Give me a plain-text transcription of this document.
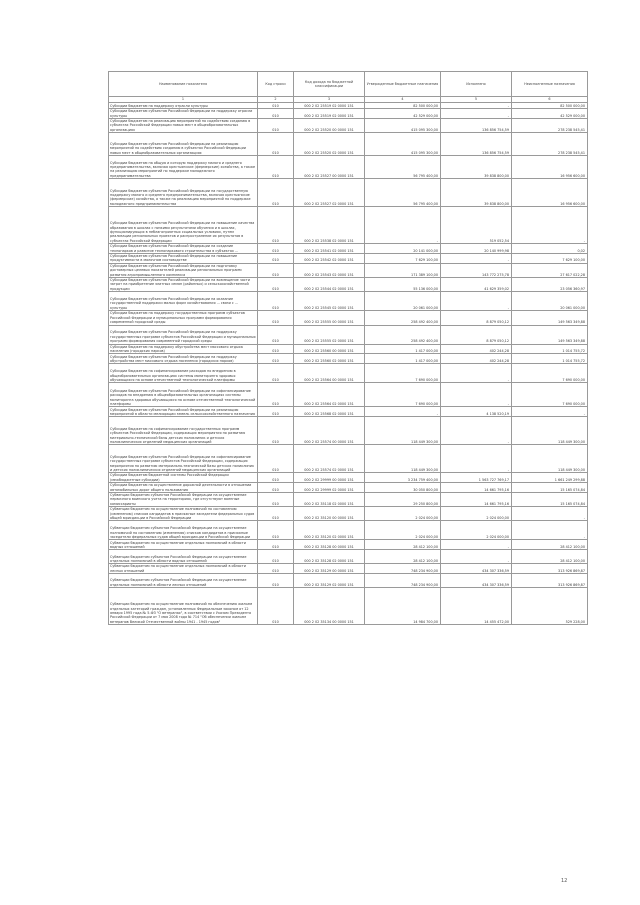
Наименование показателя	Код строки	Код дохода по бюджетной классификации	Утвержденные бюджетные назначения	Исполнено	Неисполненные назначения
1	2	3	4	5	6
Субсидии бюджетам на поддержку отрасли культуры	010	000 2 02 25519 02 0000 151	82 500 000,00	-	82 500 000,00
Субсидии бюджетам субъектов Российской Федерации на поддержку отрасли культуры	010	000 2 02 25519 02 0000 151	42 529 000,00	-	42 529 000,00
Субсидии бюджетам на реализацию мероприятий по содействию созданию в субъектах Российской Федерации новых мест в общеобразовательных организациях	010	000 2 02 25520 00 0000 151	415 095 300,00	136 856 754,59	278 238 545,41
Субсидии бюджетам субъектов Российской Федерации на реализацию мероприятий по содействию созданию в субъектах Российской Федерации новых мест в общеобразовательных организациях	010	000 2 02 25520 02 0000 151	415 095 300,00	136 856 754,59	278 238 545,41
Субсидии бюджетам на общую и которую поддержку малого и среднего предпринимательства, включая крестьянские (фермерские) хозяйства, а также на реализацию мероприятий по поддержке молодежного предпринимательства	010	000 2 02 25527 00 0000 151	56 795 400,00	39 838 800,00	16 956 600,00
Субсидии бюджетам субъектов Российской Федерации на государственную поддержку малого и среднего предпринимательства, включая крестьянские (фермерские) хозяйства, а также на реализацию мероприятий по поддержке молодежного предпринимательства	010	000 2 02 25527 02 0000 151	56 795 400,00	39 838 800,00	16 956 600,00
Субсидии бюджетам субъектов Российской Федерации на повышение качества образования в школах с низкими результатами обучения и в школах, функционирующих в неблагоприятных социальных условиях, путем реализации региональных проектов и распространение их результатов в субъектах Российской Федерации	010	000 2 02 25538 02 0000 151	-	519 052,54	-
Субсидии бюджетам субъектов Российской Федерации на создание технопарков и развитие технопаркового строительства в субъектах ...	010	000 2 02 25541 02 0000 151	20 141 000,00	20 140 999,98	0,02
Субсидии бюджетам субъектов Российской Федерации на повышение продуктивности в молочном скотоводстве	010	000 2 02 25542 02 0000 151	7 629 100,00	-	7 629 100,00
Субсидии бюджетам субъектов Российской Федерации на подготовку достоверных целевых показателей реализации региональных программ развития агропромышленного комплекса	010	000 2 02 25543 02 0000 151	171 389 100,00	143 772 275,78	27 617 022,28
Субсидии бюджетам субъектов Российской Федерации на возмещение части затрат на приобретение элитных семян (районных) и сельскохозяйственной продукции	010	000 2 02 25544 02 0000 151	55 136 000,00	41 629 359,02	23 056 360,97
Субсидии бюджетам субъектов Российской Федерации на оказание государственной поддержки малых форм хозяйствования ... связи с ... культуры	010	000 2 02 25545 02 0000 151	20 061 000,00	-	20 061 000,00
Субсидии бюджетам на поддержку государственных программ субъектов Российской Федерации и муниципальных программ формирования современной городской среды	010	000 2 02 25555 00 0000 151	258 492 400,00	8 879 050,12	149 563 349,88
Субсидии бюджетам субъектов Российской Федерации на поддержку государственных программ субъектов Российской Федерации и муниципальных программ формирования современной городской среды	010	000 2 02 25555 02 0000 151	258 492 400,00	8 879 050,12	149 563 349,88
Субсидии бюджетам на поддержку обустройства мест массового отдыха населения (городских парков)	010	000 2 02 25560 00 0000 151	1 417 000,00	402 244,28	1 014 755,72
Субсидии бюджетам субъектов Российской Федерации на поддержку обустройства мест массового отдыха населения (городских парков)	010	000 2 02 25560 02 0000 151	1 417 000,00	402 244,28	1 014 755,72
Субсидии бюджетам на софинансирование расходов по внедрению в общеобразовательных организациях системы мониторинга здоровья обучающихся на основе отечественной технологической платформы	010	000 2 02 25564 00 0000 151	7 690 000,00	-	7 690 000,00
Субсидии бюджетам субъектов Российской Федерации на софинансирование расходов по внедрению в общеобразовательных организациях системы мониторинга здоровья обучающихся на основе отечественной технологической платформы	010	000 2 02 25564 02 0000 151	7 690 000,00	-	7 690 000,00
Субсидии бюджетам субъектов Российской Федерации на реализацию мероприятий в области мелиорации земель сельскохозяйственного назначения	010	000 2 02 25568 02 0000 151	-	4 138 520,19	-
Субсидии бюджетам на софинансирование государственных программ субъектов Российской Федерации, содержащих мероприятия по развитию материально-технической базы детских поликлиник и детских поликлинических отделений медицинских организаций	010	000 2 02 25574 00 0000 151	118 449 300,00	-	118 449 300,00
Субсидии бюджетам субъектов Российской Федерации на софинансирование государственных программ субъектов Российской Федерации, содержащих мероприятия по развитию материально-технической базы детских поликлиник и детских поликлинических отделений медицинских организаций	010	000 2 02 25574 02 0000 151	118 449 300,00	-	118 449 300,00
Субсидии бюджетам бюджетной системы Российской Федерации (межбюджетные субсидии)	010	000 2 02 29999 00 0000 151	3 234 759 400,00	1 563 727 769,17	1 661 249 299,88
Субсидии бюджетам на осуществление дорожной деятельности в отношении автомобильных дорог общего пользования	010	000 2 02 29999 02 0000 151	30 050 800,00	14 661 795,16	15 165 074,84
Субвенции бюджетам субъектов Российской Федерации на осуществление первичного воинского учета на территориях, где отсутствуют военные комиссариаты	010	000 2 02 35118 02 0000 151	29 250 800,00	14 661 795,16	15 165 074,84
Субвенции бюджетам на осуществление полномочий по составлению (изменению) списков кандидатов в присяжные заседатели федеральных судов общей юрисдикции в Российской Федерации	010	000 2 02 35120 00 0000 151	2 024 000,00	2 024 000,00	-
Субвенции бюджетам субъектов Российской Федерации на осуществление полномочий по составлению (изменению) списков кандидатов в присяжные заседатели федеральных судов общей юрисдикции в Российской Федерации	010	000 2 02 35120 02 0000 151	2 024 000,00	2 024 000,00	-
Субвенции бюджетам на осуществление отдельных полномочий в области водных отношений	010	000 2 02 35128 00 0000 151	28 412 100,00	-	28 412 100,00
Субвенции бюджетам субъектов Российской Федерации на осуществление отдельных полномочий в области водных отношений	010	000 2 02 35128 02 0000 151	28 412 100,00	-	28 412 100,00
Субвенции бюджетам на осуществление отдельных полномочий в области лесных отношений	010	000 2 02 35129 00 0000 151	748 234 900,00	434 307 336,59	313 926 869,87
Субвенции бюджетам субъектов Российской Федерации на осуществление отдельных полномочий в области лесных отношений	010	000 2 02 35129 02 0000 151	748 234 900,00	434 307 336,59	313 926 869,87
Субвенции бюджетам на осуществление полномочий по обеспечению жильем отдельных категорий граждан, установленных Федеральным законом от 12 января 1995 года № 5-ФЗ "О ветеранах", в соответствии с Указом Президента Российской Федерации от 7 мая 2008 года № 714 "Об обеспечении жильем ветеранов Великой Отечественной войны 1941 - 1945 годов"	010	000 2 02 35134 00 0000 151	14 984 700,00	14 455 472,00	529 228,00
12
